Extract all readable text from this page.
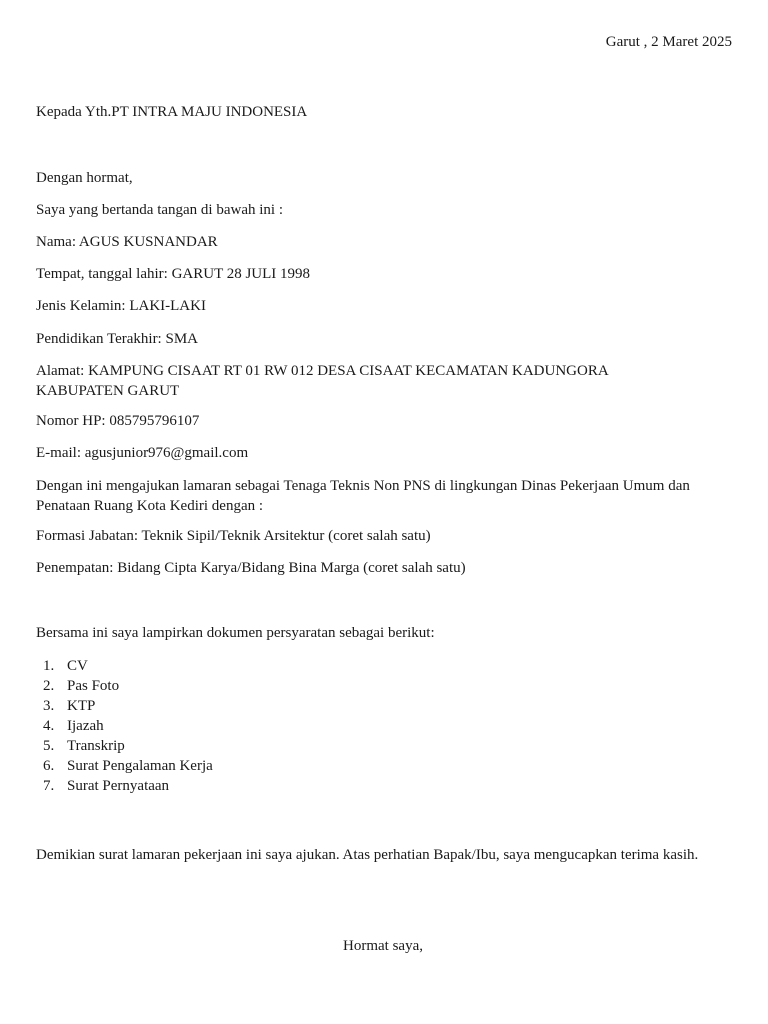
Garut , 2 Maret 2025
Kepada Yth.PT INTRA MAJU INDONESIA
Dengan hormat,
Saya yang bertanda tangan di bawah ini :
Nama: AGUS KUSNANDAR
Tempat, tanggal lahir: GARUT 28 JULI 1998
Jenis Kelamin: LAKI-LAKI
Pendidikan Terakhir: SMA
Alamat: KAMPUNG CISAAT RT 01 RW 012 DESA CISAAT KECAMATAN KADUNGORA KABUPATEN GARUT
Nomor HP: 085795796107
E-mail: agusjunior976@gmail.com
Dengan ini mengajukan lamaran sebagai Tenaga Teknis Non PNS di lingkungan Dinas Pekerjaan Umum dan Penataan Ruang Kota Kediri dengan :
Formasi Jabatan: Teknik Sipil/Teknik Arsitektur (coret salah satu)
Penempatan: Bidang Cipta Karya/Bidang Bina Marga (coret salah satu)
Bersama ini saya lampirkan dokumen persyaratan sebagai berikut:
1. CV
2. Pas Foto
3. KTP
4. Ijazah
5. Transkrip
6. Surat Pengalaman Kerja
7. Surat Pernyataan
Demikian surat lamaran pekerjaan ini saya ajukan. Atas perhatian Bapak/Ibu, saya mengucapkan terima kasih.
Hormat saya,
